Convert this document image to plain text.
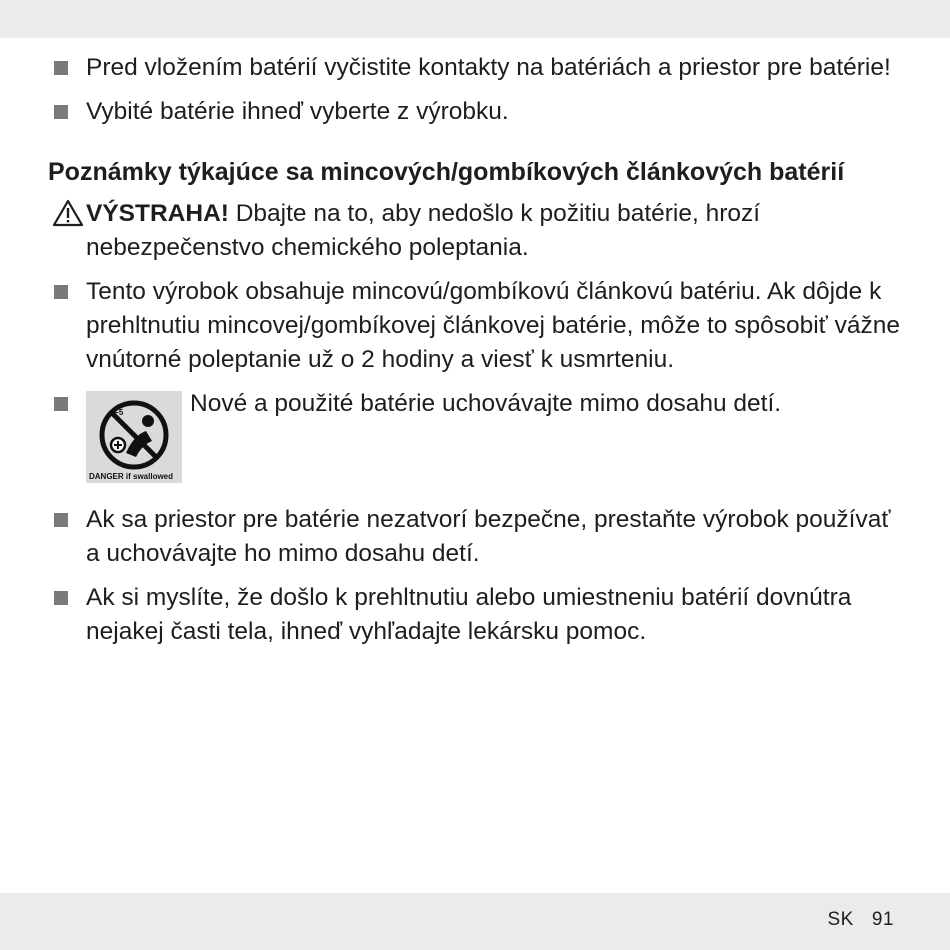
Pred vložením batérií vyčistite kontakty na batériách a priestor pre batérie!
Vybité batérie ihneď vyberte z výrobku.
Poznámky týkajúce sa mincových/gombíkových článkových batérií
VÝSTRAHA! Dbajte na to, aby nedošlo k požitiu batérie, hrozí nebezpečenstvo chemického poleptania.
Tento výrobok obsahuje mincovú/gombíkovú článkovú batériu. Ak dôjde k prehltnutiu mincovej/gombíkovej článkovej batérie, môže to spôsobiť vážne vnútorné poleptanie už o 2 hodiny a viesť k usmrteniu.
0–5
DANGER if swallowed
Nové a použité batérie uchovávajte mimo dosahu detí.
Ak sa priestor pre batérie nezatvorí bezpečne, prestaňte výrobok používať a uchovávajte ho mimo dosahu detí.
Ak si myslíte, že došlo k prehltnutiu alebo umiestneniu batérií dovnútra nejakej časti tela, ihneď vyhľadajte lekársku pomoc.
SK 91
